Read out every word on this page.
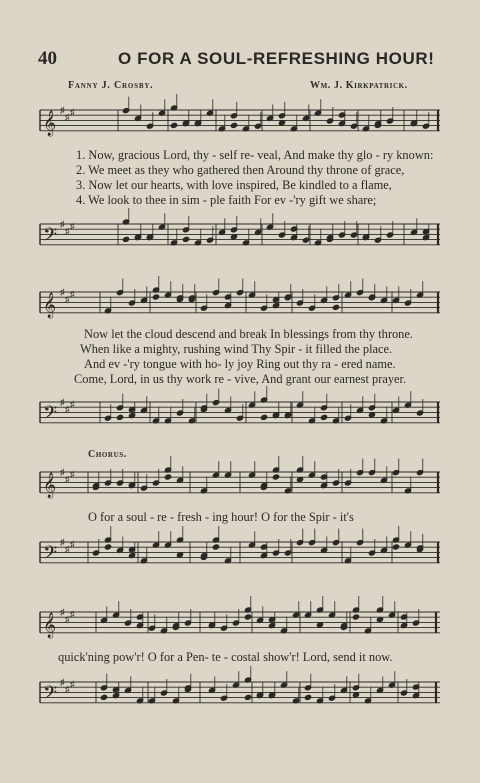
40	O FOR A SOUL-REFRESHING HOUR!
Fanny J. Crosby.	Wm. J. Kirkpatrick.
𝄞
♯
♯ ♯
1. Now, gracious Lord, thy - self re- veal, And make thy glo - ry known:
2. We meet as they who gathered then Around thy throne of grace,
3. Now let our hearts, with love inspired, Be kindled to a flame,
4. We look to thee in sim - ple faith For ev -'ry gift we share;
𝄢
♯
♯ ♯
𝄞
♯
♯ ♯
Now let the cloud descend and break In blessings from thy throne.
When like a mighty, rushing wind Thy Spir - it filled the place.
And ev -'ry tongue with ho- ly joy Ring out thy ra - ered name.
Come, Lord, in us thy work re - vive, And grant our earnest prayer.
𝄢
♯
♯ ♯
Chorus.
𝄞
♯
♯ ♯
O for a soul - re - fresh - ing hour! O for the Spir - it's
𝄢
♯
♯ ♯
𝄞
♯
♯ ♯
quick'ning pow'r! O for a Pen- te - costal show'r! Lord, send it now.
𝄢
♯
♯ ♯
